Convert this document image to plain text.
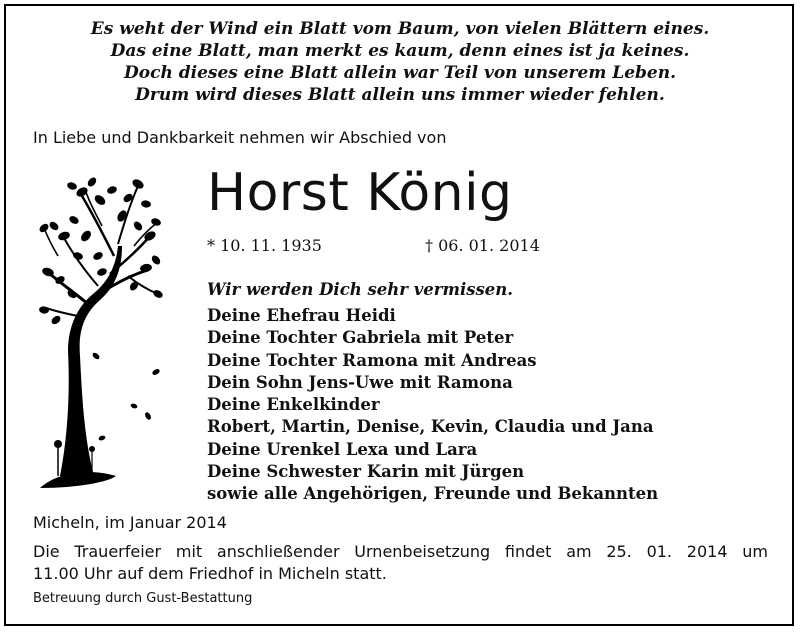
Es weht der Wind ein Blatt vom Baum, von vielen Blättern eines.
Das eine Blatt, man merkt es kaum, denn eines ist ja keines.
Doch dieses eine Blatt allein war Teil von unserem Leben.
Drum wird dieses Blatt allein uns immer wieder fehlen.
In Liebe und Dankbarkeit nehmen wir Abschied von
Horst König
* 10. 11. 1935	† 06. 01. 2014
Wir werden Dich sehr vermissen.
Deine Ehefrau Heidi
Deine Tochter Gabriela mit Peter
Deine Tochter Ramona mit Andreas
Dein Sohn Jens-Uwe mit Ramona
Deine Enkelkinder
Robert, Martin, Denise, Kevin, Claudia und Jana
Deine Urenkel Lexa und Lara
Deine Schwester Karin mit Jürgen
sowie alle Angehörigen, Freunde und Bekannten
Micheln, im Januar 2014
Die Trauerfeier mit anschließender Urnenbeisetzung findet am 25. 01. 2014 um
11.00 Uhr auf dem Friedhof in Micheln statt.
Betreuung durch Gust-Bestattung
